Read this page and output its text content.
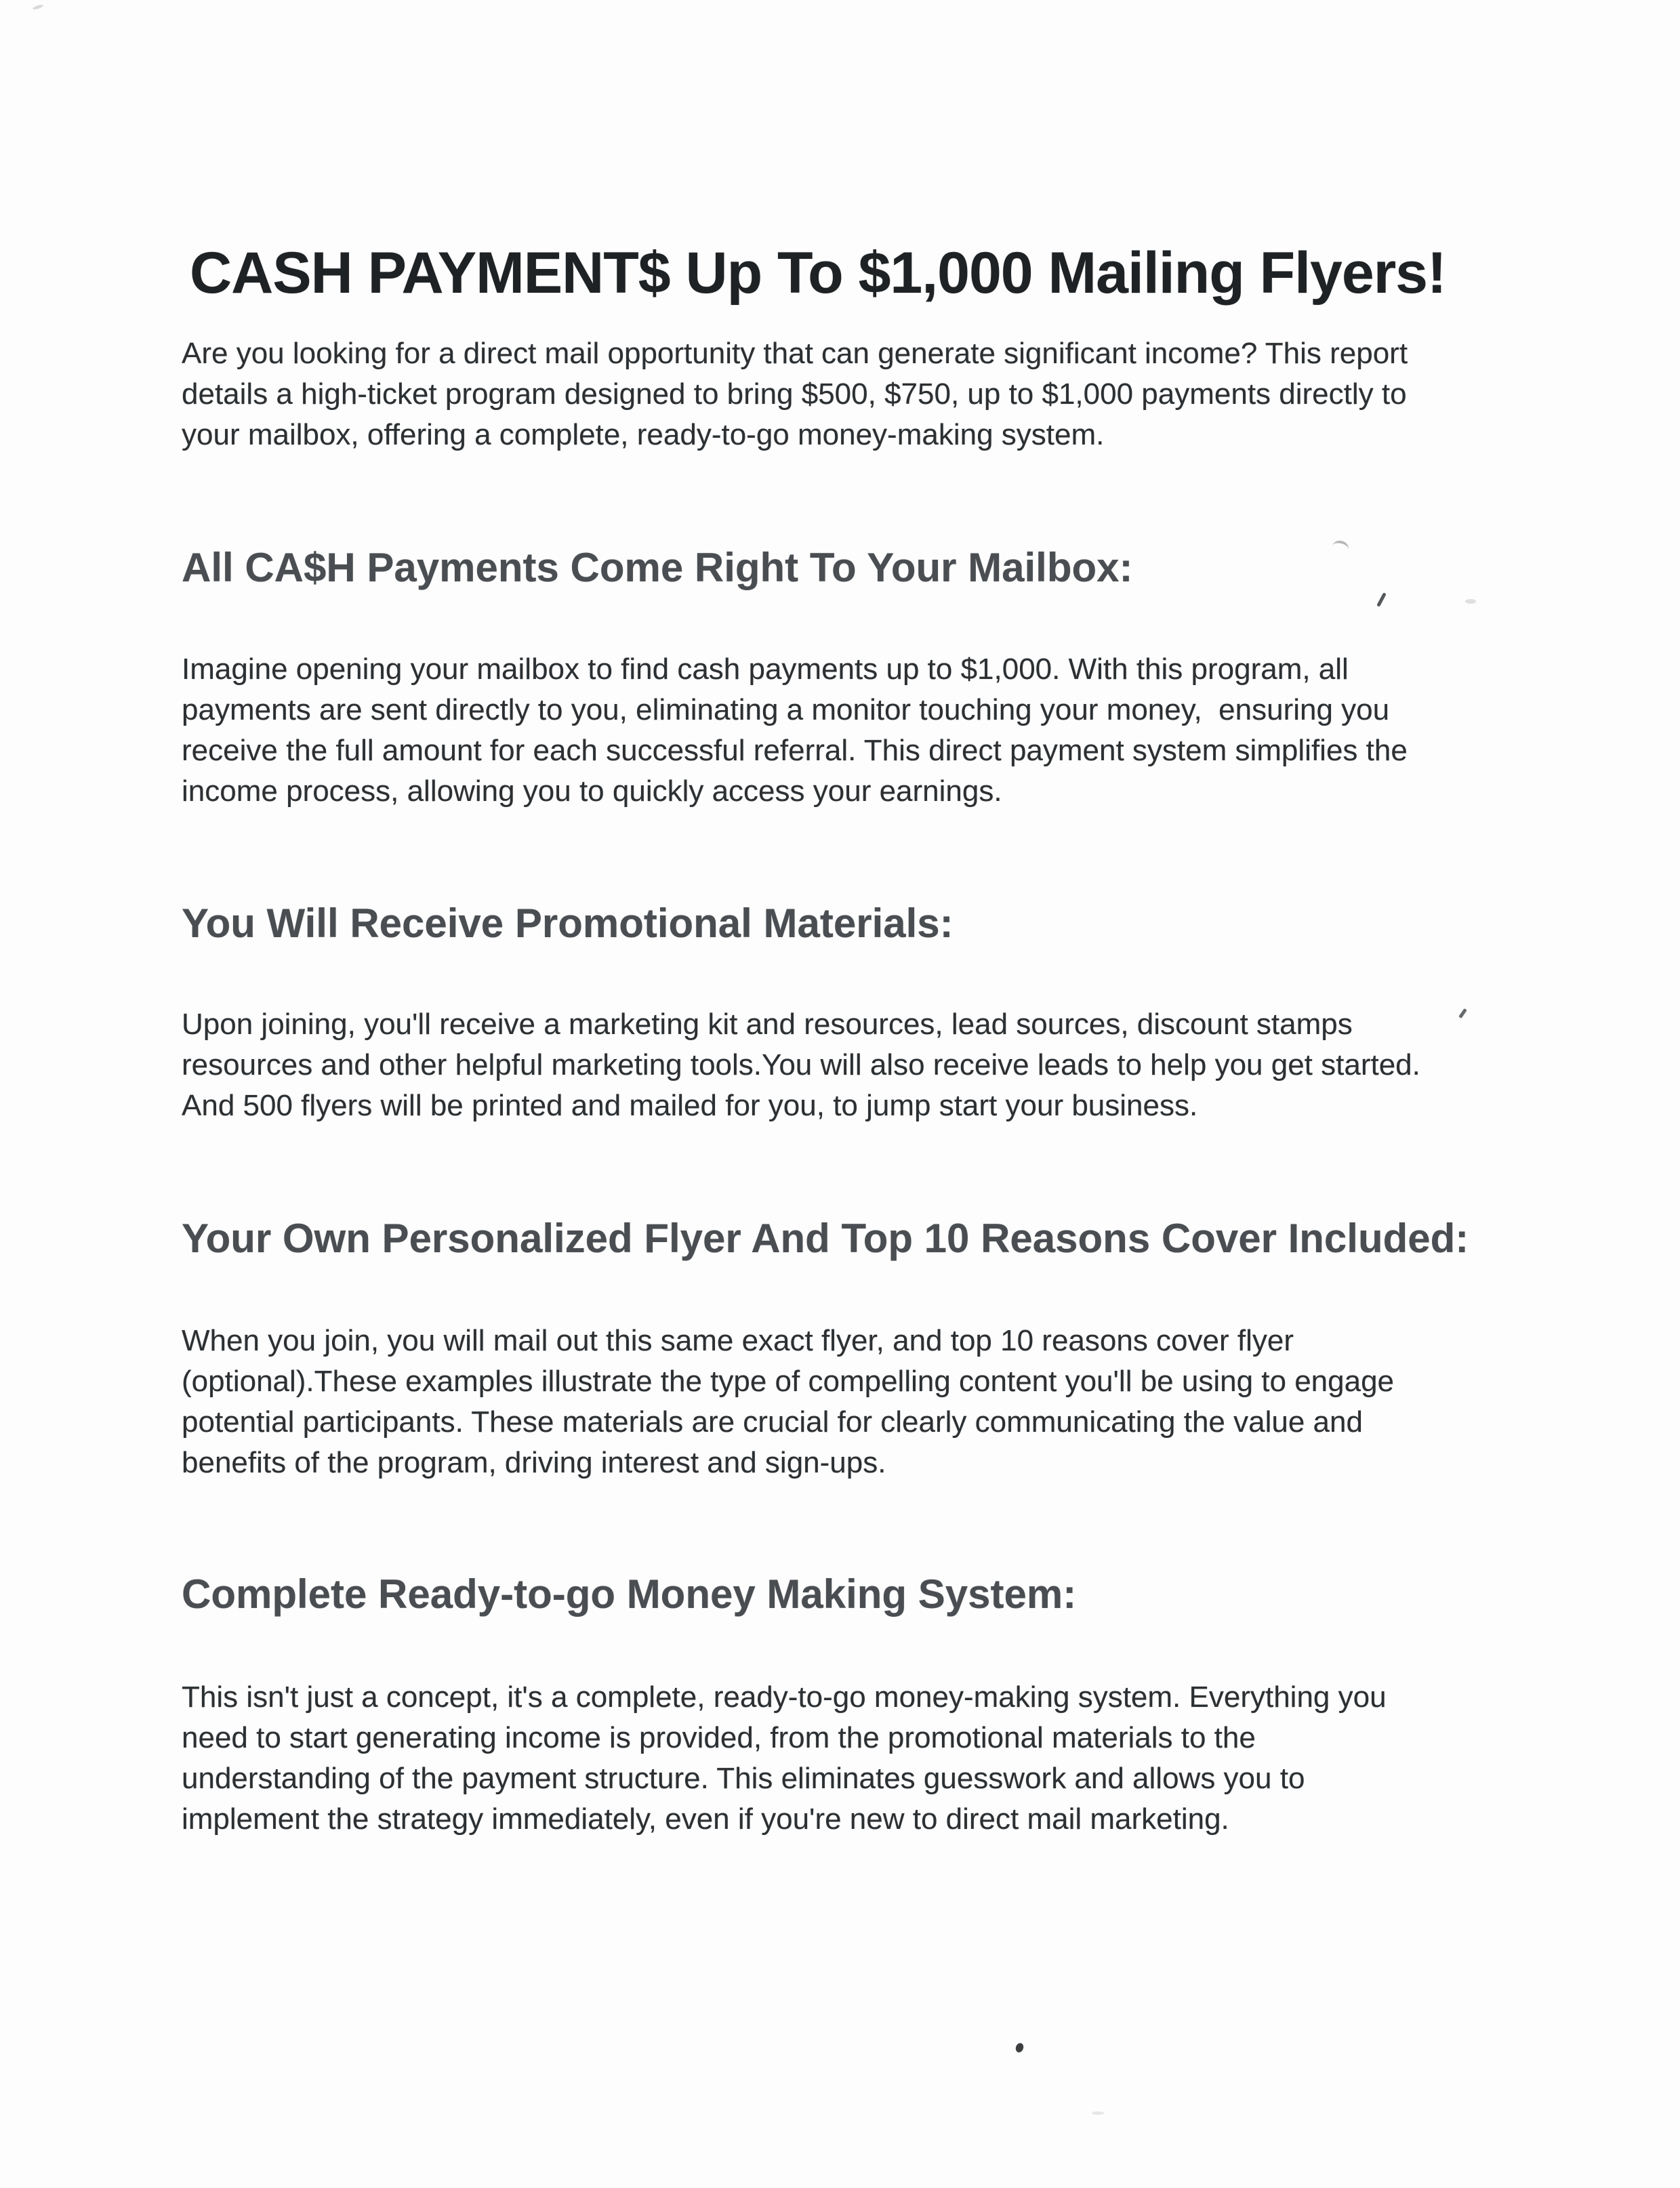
CASH PAYMENT$ Up To $1,000 Mailing Flyers!
Are you looking for a direct mail opportunity that can generate significant income? This report
details a high-ticket program designed to bring $500, $750, up to $1,000 payments directly to
your mailbox, offering a complete, ready-to-go money-making system.
All CA$H Payments Come Right To Your Mailbox:
Imagine opening your mailbox to find cash payments up to $1,000. With this program, all
payments are sent directly to you, eliminating a monitor touching your money,  ensuring you
receive the full amount for each successful referral. This direct payment system simplifies the
income process, allowing you to quickly access your earnings.
You Will Receive Promotional Materials:
Upon joining, you'll receive a marketing kit and resources, lead sources, discount stamps
resources and other helpful marketing tools.You will also receive leads to help you get started.
And 500 flyers will be printed and mailed for you, to jump start your business.
Your Own Personalized Flyer And Top 10 Reasons Cover Included:
When you join, you will mail out this same exact flyer, and top 10 reasons cover flyer
(optional).These examples illustrate the type of compelling content you'll be using to engage
potential participants. These materials are crucial for clearly communicating the value and
benefits of the program, driving interest and sign-ups.
Complete Ready-to-go Money Making System:
This isn't just a concept, it's a complete, ready-to-go money-making system. Everything you
need to start generating income is provided, from the promotional materials to the
understanding of the payment structure. This eliminates guesswork and allows you to
implement the strategy immediately, even if you're new to direct mail marketing.
